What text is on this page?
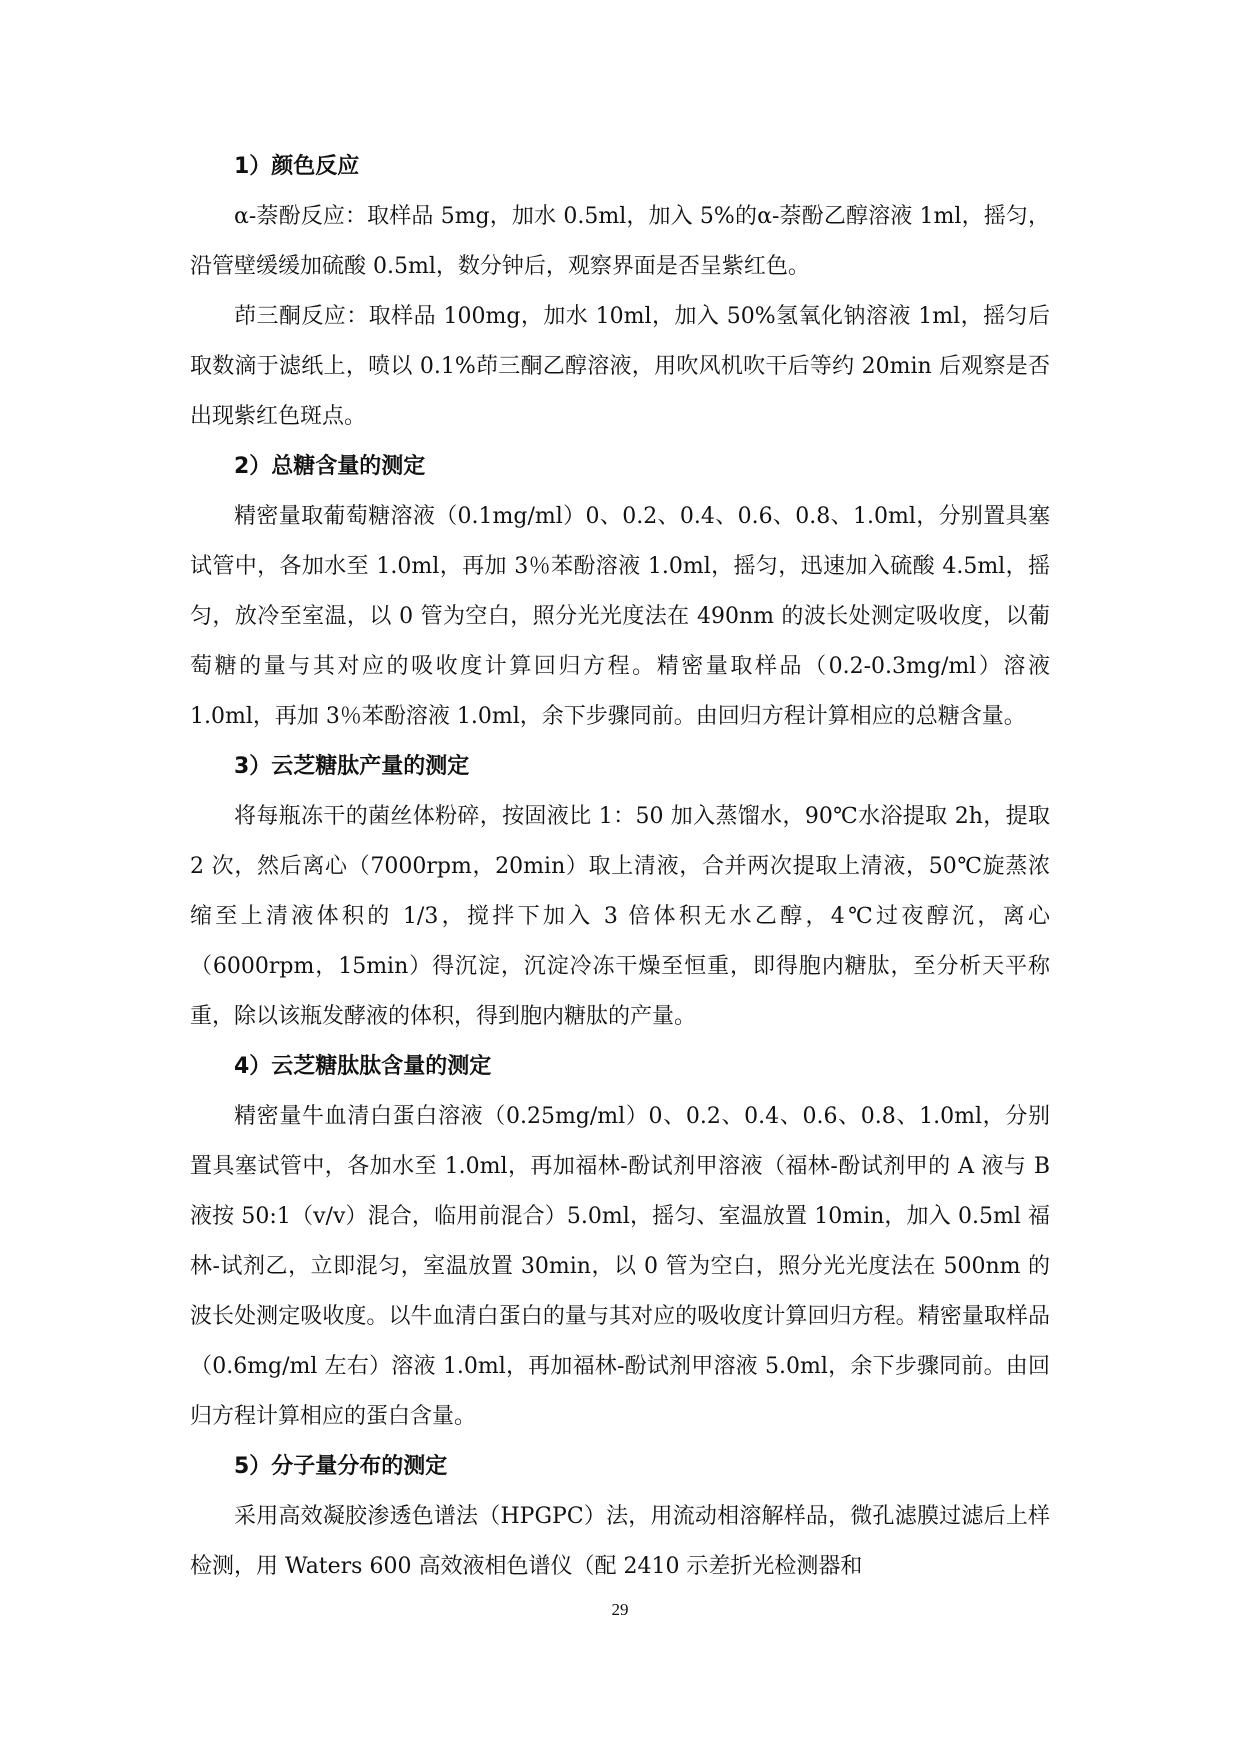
1）颜色反应

α-萘酚反应：取样品 5mg，加水 0.5ml，加入 5%的α-萘酚乙醇溶液 1ml，摇匀，沿管壁缓缓加硫酸 0.5ml，数分钟后，观察界面是否呈紫红色。

茚三酮反应：取样品 100mg，加水 10ml，加入 50%氢氧化钠溶液 1ml，摇匀后取数滴于滤纸上，喷以 0.1%茚三酮乙醇溶液，用吹风机吹干后等约 20min 后观察是否出现紫红色斑点。

2）总糖含量的测定

精密量取葡萄糖溶液（0.1mg/ml）0、0.2、0.4、0.6、0.8、1.0ml，分别置具塞试管中，各加水至 1.0ml，再加 3％苯酚溶液 1.0ml，摇匀，迅速加入硫酸 4.5ml，摇匀，放冷至室温，以 0 管为空白，照分光光度法在 490nm 的波长处测定吸收度，以葡萄糖的量与其对应的吸收度计算回归方程。精密量取样品（0.2-0.3mg/ml）溶液 1.0ml，再加 3％苯酚溶液 1.0ml，余下步骤同前。由回归方程计算相应的总糖含量。

3）云芝糖肽产量的测定

将每瓶冻干的菌丝体粉碎，按固液比 1：50 加入蒸馏水，90℃水浴提取 2h，提取 2 次，然后离心（7000rpm，20min）取上清液，合并两次提取上清液，50℃旋蒸浓缩至上清液体积的 1/3，搅拌下加入 3 倍体积无水乙醇，4℃过夜醇沉，离心（6000rpm，15min）得沉淀，沉淀冷冻干燥至恒重，即得胞内糖肽，至分析天平称重，除以该瓶发酵液的体积，得到胞内糖肽的产量。

4）云芝糖肽肽含量的测定

精密量牛血清白蛋白溶液（0.25mg/ml）0、0.2、0.4、0.6、0.8、1.0ml，分别置具塞试管中，各加水至 1.0ml，再加福林-酚试剂甲溶液（福林-酚试剂甲的 A 液与 B 液按 50:1（v/v）混合，临用前混合）5.0ml，摇匀、室温放置 10min，加入 0.5ml 福林-试剂乙，立即混匀，室温放置 30min，以 0 管为空白，照分光光度法在 500nm 的波长处测定吸收度。以牛血清白蛋白的量与其对应的吸收度计算回归方程。精密量取样品（0.6mg/ml 左右）溶液 1.0ml，再加福林-酚试剂甲溶液 5.0ml，余下步骤同前。由回归方程计算相应的蛋白含量。

5）分子量分布的测定

采用高效凝胶渗透色谱法（HPGPC）法，用流动相溶解样品，微孔滤膜过滤后上样检测，用 Waters 600 高效液相色谱仪（配 2410 示差折光检测器和

29
